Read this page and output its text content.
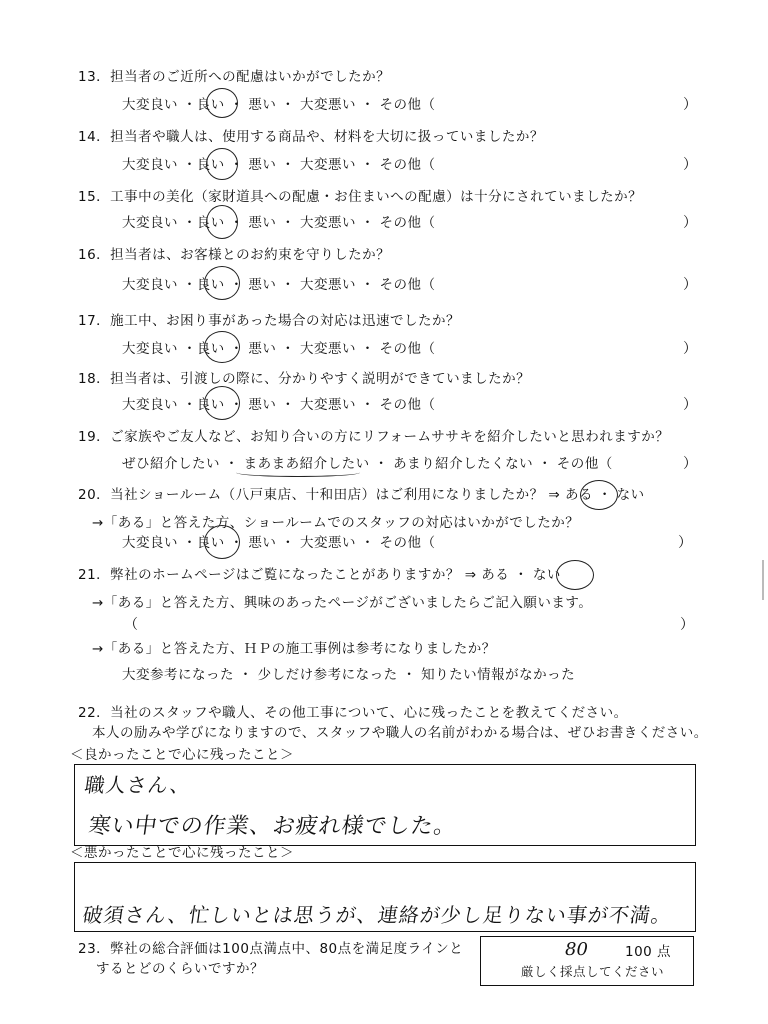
13．担当者のご近所への配慮はいかがでしたか？
大変良い ・良い ・ 悪い ・ 大変悪い ・ その他（	）
14．担当者や職人は、使用する商品や、材料を大切に扱っていましたか？
大変良い ・良い ・ 悪い ・ 大変悪い ・ その他（	）
15．工事中の美化（家財道具への配慮・お住まいへの配慮）は十分にされていましたか？
大変良い ・良い ・ 悪い ・ 大変悪い ・ その他（	）
16．担当者は、お客様とのお約束を守りしたか？
大変良い ・良い ・ 悪い ・ 大変悪い ・ その他（	）
17．施工中、お困り事があった場合の対応は迅速でしたか？
大変良い ・良い ・ 悪い ・ 大変悪い ・ その他（	）
18．担当者は、引渡しの際に、分かりやすく説明ができていましたか？
大変良い ・良い ・ 悪い ・ 大変悪い ・ その他（	）
19．ご家族やご友人など、お知り合いの方にリフォームササキを紹介したいと思われますか？
ぜひ紹介したい ・ まあまあ紹介したい ・ あまり紹介したくない ・ その他（	）
20．当社ショールーム（八戸東店、十和田店）はご利用になりましたか？ ⇒ ある ・ ない
→「ある」と答えた方、ショールームでのスタッフの対応はいかがでしたか？
大変良い ・良い ・ 悪い ・ 大変悪い ・ その他（	）
21．弊社のホームページはご覧になったことがありますか？ ⇒ ある ・ ない
→「ある」と答えた方、興味のあったページがございましたらご記入願います。
（	）
→「ある」と答えた方、ＨＰの施工事例は参考になりましたか？
大変参考になった ・ 少しだけ参考になった ・ 知りたい情報がなかった
22．当社のスタッフや職人、その他工事について、心に残ったことを教えてください。
本人の励みや学びになりますので、スタッフや職人の名前がわかる場合は、ぜひお書きください。
＜良かったことで心に残ったこと＞
職人さん、
寒い中での作業、お疲れ様でした。
＜悪かったことで心に残ったこと＞
破須さん、忙しいとは思うが、連絡が少し足りない事が不満。
23．弊社の総合評価は100点満点中、80点を満足度ラインと
するとどのくらいですか？
80	100 点
厳しく採点してください
